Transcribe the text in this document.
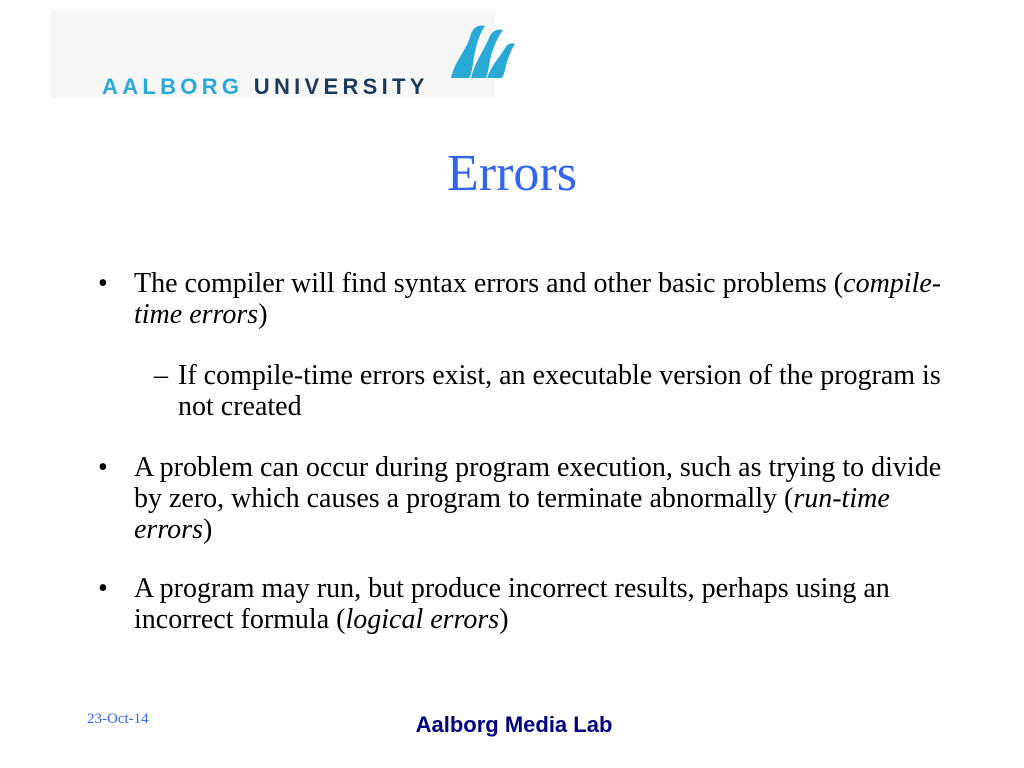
AALBORG UNIVERSITY
Errors
• The compiler will find syntax errors and other basic problems (compile-time errors)
– If compile-time errors exist, an executable version of the program is not created
• A problem can occur during program execution, such as trying to divide by zero, which causes a program to terminate abnormally (run-time errors)
• A program may run, but produce incorrect results, perhaps using an incorrect formula (logical errors)
23-Oct-14	Aalborg Media Lab
